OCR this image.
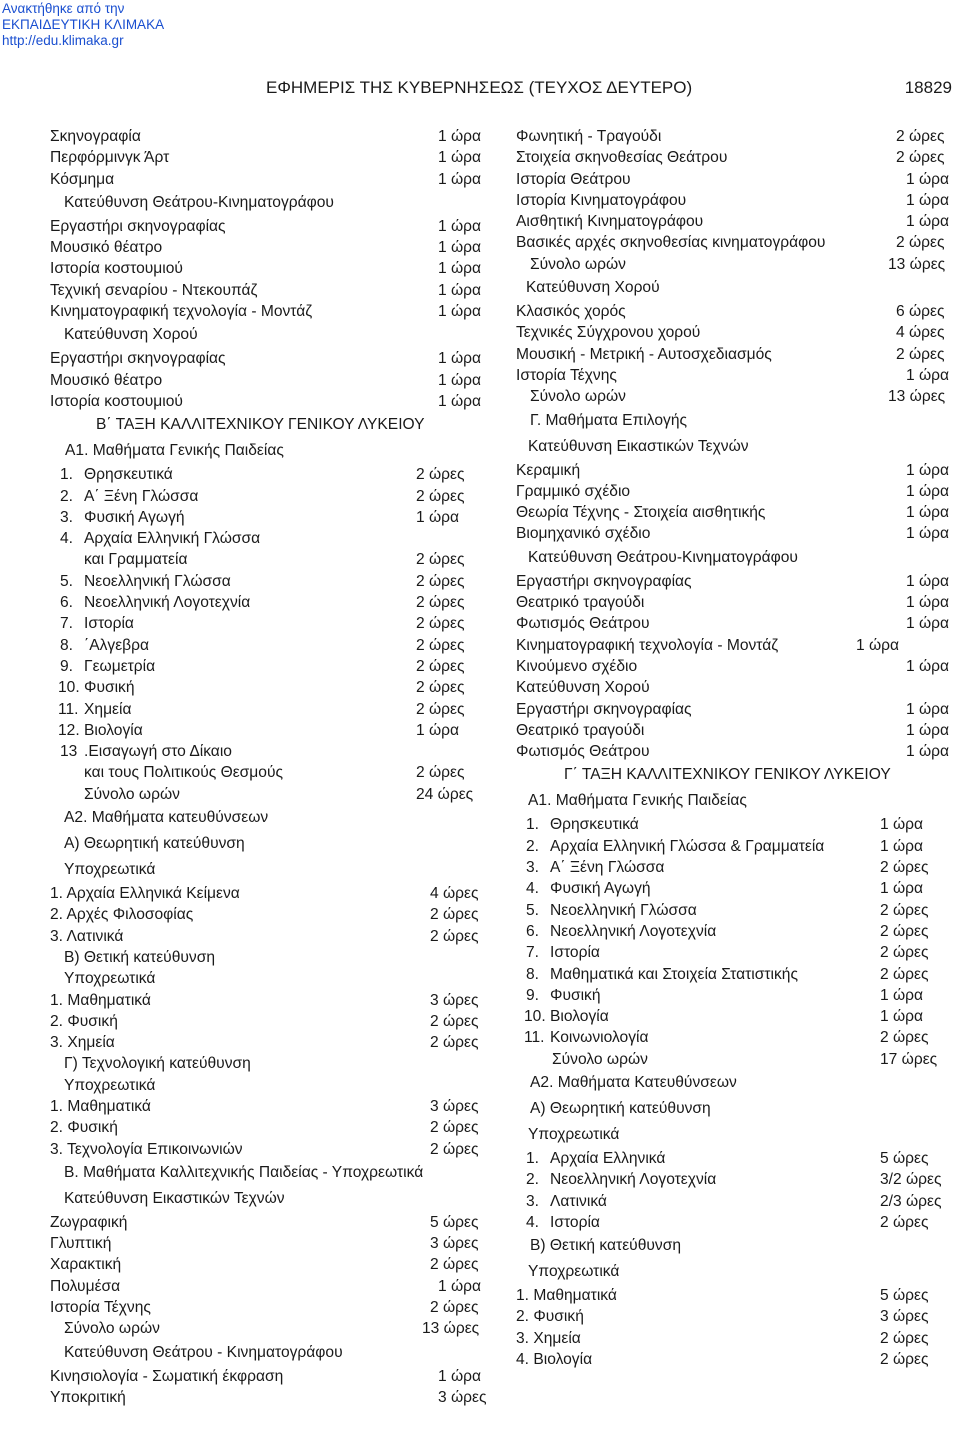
Ανακτήθηκε από την
ΕΚΠΑΙΔΕΥΤΙΚΗ ΚΛΙΜΑΚΑ
http://edu.klimaka.gr
ΕΦΗΜΕΡΙΣ ΤΗΣ ΚΥΒΕΡΝΗΣΕΩΣ (ΤΕΥΧΟΣ ΔΕΥΤΕΡΟ)	18829
Σκηνογραφία	1 ώρα
Περφόρμινγκ Άρτ	1 ώρα
Κόσμημα	1 ώρα
Κατεύθυνση Θεάτρου-Κινηματογράφου
Εργαστήρι σκηνογραφίας	1 ώρα
Μουσικό θέατρο	1 ώρα
Ιστορία κοστουμιού	1 ώρα
Τεχνική σεναρίου - Ντεκουπάζ	1 ώρα
Κινηματογραφική τεχνολογία - Μοντάζ	1 ώρα
Κατεύθυνση Χορού
Εργαστήρι σκηνογραφίας	1 ώρα
Μουσικό θέατρο	1 ώρα
Ιστορία κοστουμιού	1 ώρα
Β΄ ΤΑΞΗ ΚΑΛΛΙΤΕΧΝΙΚΟΥ ΓΕΝΙΚΟΥ ΛΥΚΕΙΟΥ
Α1. Μαθήματα Γενικής Παιδείας
1. Θρησκευτικά	2 ώρες
2. Α΄ Ξένη Γλώσσα	2 ώρες
3. Φυσική Αγωγή	1 ώρα
4. Αρχαία Ελληνική Γλώσσα
και Γραμματεία	2 ώρες
5. Νεοελληνική Γλώσσα	2 ώρες
6. Νεοελληνική Λογοτεχνία	2 ώρες
7. Ιστορία	2 ώρες
8. ΄Αλγεβρα	2 ώρες
9. Γεωμετρία	2 ώρες
10. Φυσική	2 ώρες
11. Χημεία	2 ώρες
12. Βιολογία	1 ώρα
13 .Εισαγωγή στο Δίκαιο
και τους Πολιτικούς Θεσμούς	2 ώρες
Σύνολο ωρών	24 ώρες
Α2. Μαθήματα κατευθύνσεων
Α) Θεωρητική κατεύθυνση
Υποχρεωτικά
1. Αρχαία Ελληνικά Κείμενα	4 ώρες
2. Αρχές Φιλοσοφίας	2 ώρες
3. Λατινικά	2 ώρες
Β) Θετική κατεύθυνση
Υποχρεωτικά
1. Μαθηματικά	3 ώρες
2. Φυσική	2 ώρες
3. Χημεία	2 ώρες
Γ) Τεχνολογική κατεύθυνση
Υποχρεωτικά
1. Μαθηματικά	3 ώρες
2. Φυσική	2 ώρες
3. Τεχνολογία Επικοινωνιών	2 ώρες
Β. Μαθήματα Καλλιτεχνικής Παιδείας - Υποχρεωτικά
Κατεύθυνση Εικαστικών Τεχνών
Ζωγραφική	5 ώρες
Γλυπτική	3 ώρες
Χαρακτική	2 ώρες
Πολυμέσα	1 ώρα
Ιστορία Τέχνης	2 ώρες
Σύνολο ωρών	13 ώρες
Κατεύθυνση Θεάτρου - Κινηματογράφου
Κινησιολογία - Σωματική έκφραση	1 ώρα
Υποκριτική	3 ώρες
Φωνητική - Τραγούδι	2 ώρες
Στοιχεία σκηνοθεσίας Θεάτρου	2 ώρες
Ιστορία Θεάτρου	1 ώρα
Ιστορία Κινηματογράφου	1 ώρα
Αισθητική Κινηματογράφου	1 ώρα
Βασικές αρχές σκηνοθεσίας κινηματογράφου	2 ώρες
Σύνολο ωρών	13 ώρες
Κατεύθυνση Χορού
Κλασικός χορός	6 ώρες
Τεχνικές Σύγχρονου χορού	4 ώρες
Μουσική - Μετρική - Αυτοσχεδιασμός	2 ώρες
Ιστορία Τέχνης	1 ώρα
Σύνολο ωρών	13 ώρες
Γ. Μαθήματα Επιλογής
Κατεύθυνση Εικαστικών Τεχνών
Κεραμική	1 ώρα
Γραμμικό σχέδιο	1 ώρα
Θεωρία Τέχνης - Στοιχεία αισθητικής	1 ώρα
Βιομηχανικό σχέδιο	1 ώρα
Κατεύθυνση Θεάτρου-Κινηματογράφου
Εργαστήρι σκηνογραφίας	1 ώρα
Θεατρικό τραγούδι	1 ώρα
Φωτισμός Θεάτρου	1 ώρα
Κινηματογραφική τεχνολογία - Μοντάζ	1 ώρα
Κινούμενο σχέδιο	1 ώρα
Κατεύθυνση Χορού
Εργαστήρι σκηνογραφίας	1 ώρα
Θεατρικό τραγούδι	1 ώρα
Φωτισμός Θεάτρου	1 ώρα
Γ΄ ΤΑΞΗ ΚΑΛΛΙΤΕΧΝΙΚΟΥ ΓΕΝΙΚΟΥ ΛΥΚΕΙΟΥ
Α1. Μαθήματα Γενικής Παιδείας
1. Θρησκευτικά	1 ώρα
2. Αρχαία Ελληνική Γλώσσα & Γραμματεία	1 ώρα
3. Α΄ Ξένη Γλώσσα	2 ώρες
4. Φυσική Αγωγή	1 ώρα
5. Νεοελληνική Γλώσσα	2 ώρες
6. Νεοελληνική Λογοτεχνία	2 ώρες
7. Ιστορία	2 ώρες
8. Μαθηματικά και Στοιχεία Στατιστικής	2 ώρες
9. Φυσική	1 ώρα
10. Βιολογία	1 ώρα
11. Κοινωνιολογία	2 ώρες
Σύνολο ωρών	17 ώρες
Α2. Μαθήματα Κατευθύνσεων
Α) Θεωρητική κατεύθυνση
Υποχρεωτικά
1. Αρχαία Ελληνικά	5 ώρες
2. Νεοελληνική Λογοτεχνία	3/2 ώρες
3. Λατινικά	2/3 ώρες
4. Ιστορία	2 ώρες
Β) Θετική κατεύθυνση
Υποχρεωτικά
1. Μαθηματικά	5 ώρες
2. Φυσική	3 ώρες
3. Χημεία	2 ώρες
4. Βιολογία	2 ώρες
